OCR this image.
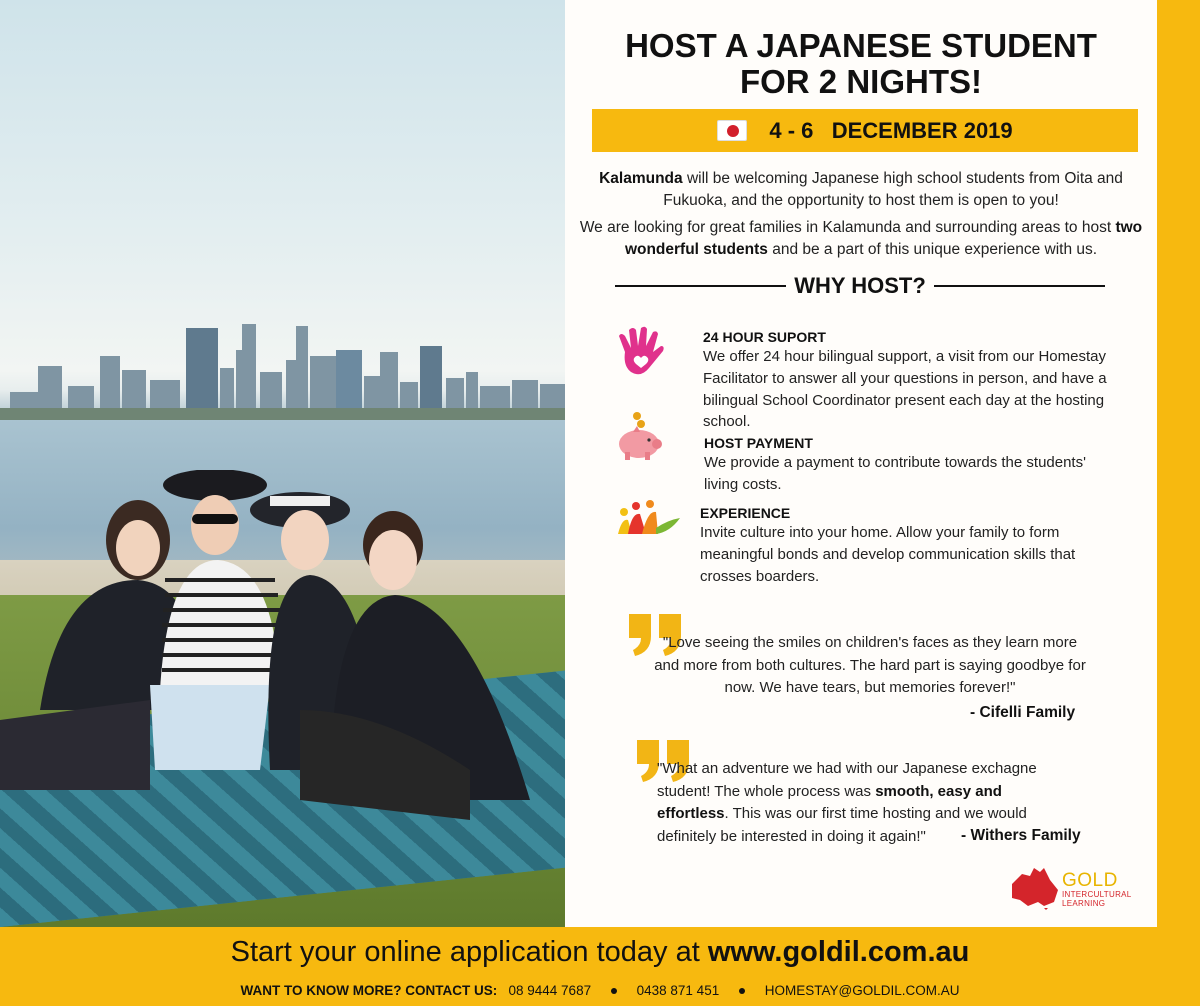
HOST A JAPANESE STUDENT
FOR 2 NIGHTS!
4 - 6   DECEMBER 2019

Kalamunda will be welcoming Japanese high school students from Oita and Fukuoka, and the opportunity to host them is open to you!

We are looking for great families in Kalamunda and surrounding areas to host two wonderful students and be a part of this unique experience with us.

WHY HOST?
24 HOUR SUPORT
We offer 24 hour bilingual support, a visit from our Homestay Facilitator to answer all your questions in person, and have a bilingual School Coordinator present each day at the hosting school.
HOST PAYMENT
We provide a payment to contribute towards the students' living costs.
EXPERIENCE
Invite culture into your home. Allow your family to form meaningful bonds and develop communication skills that crosses boarders.

"Love seeing the smiles on children's faces as they learn more and more from both cultures. The hard part is saying goodbye for now. We have tears, but memories forever!"

- Cifelli Family

"What an adventure we had with our Japanese exchagne student! The whole process was smooth, easy and effortless. This was our first time hosting and we would definitely be interested in doing it again!"	- Withers Family
GOLD
INTERCULTURAL LEARNING
Start your online application today at www.goldil.com.au
WANT TO KNOW MORE? CONTACT US: 08 9444 7687	0438 871 451	HOMESTAY@GOLDIL.COM.AU
